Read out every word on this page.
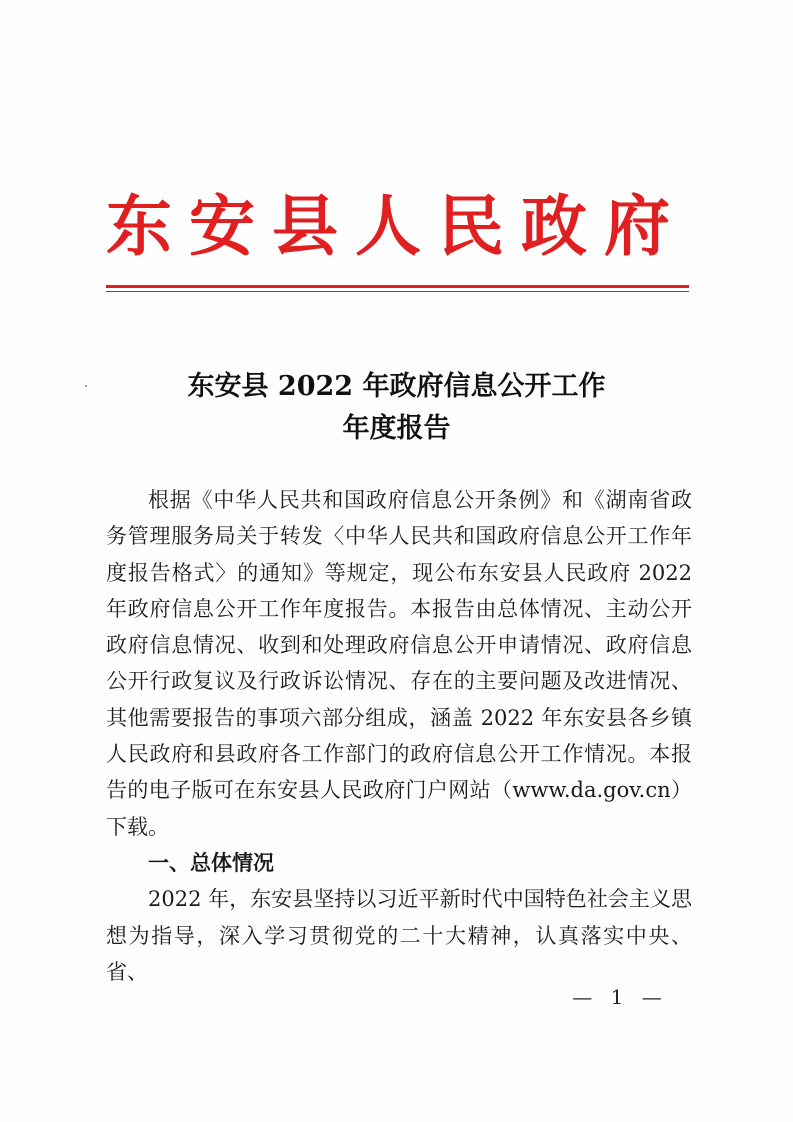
东安县人民政府
东安县 2022 年政府信息公开工作
年度报告

根据《中华人民共和国政府信息公开条例》和《湖南省政务管理服务局关于转发〈中华人民共和国政府信息公开工作年度报告格式〉的通知》等规定，现公布东安县人民政府 2022 年政府信息公开工作年度报告。本报告由总体情况、主动公开政府信息情况、收到和处理政府信息公开申请情况、政府信息公开行政复议及行政诉讼情况、存在的主要问题及改进情况、其他需要报告的事项六部分组成，涵盖 2022 年东安县各乡镇人民政府和县政府各工作部门的政府信息公开工作情况。本报告的电子版可在东安县人民政府门户网站（www.da.gov.cn）下载。

一、总体情况

2022 年，东安县坚持以习近平新时代中国特色社会主义思想为指导，深入学习贯彻党的二十大精神，认真落实中央、省、

— 1 —
